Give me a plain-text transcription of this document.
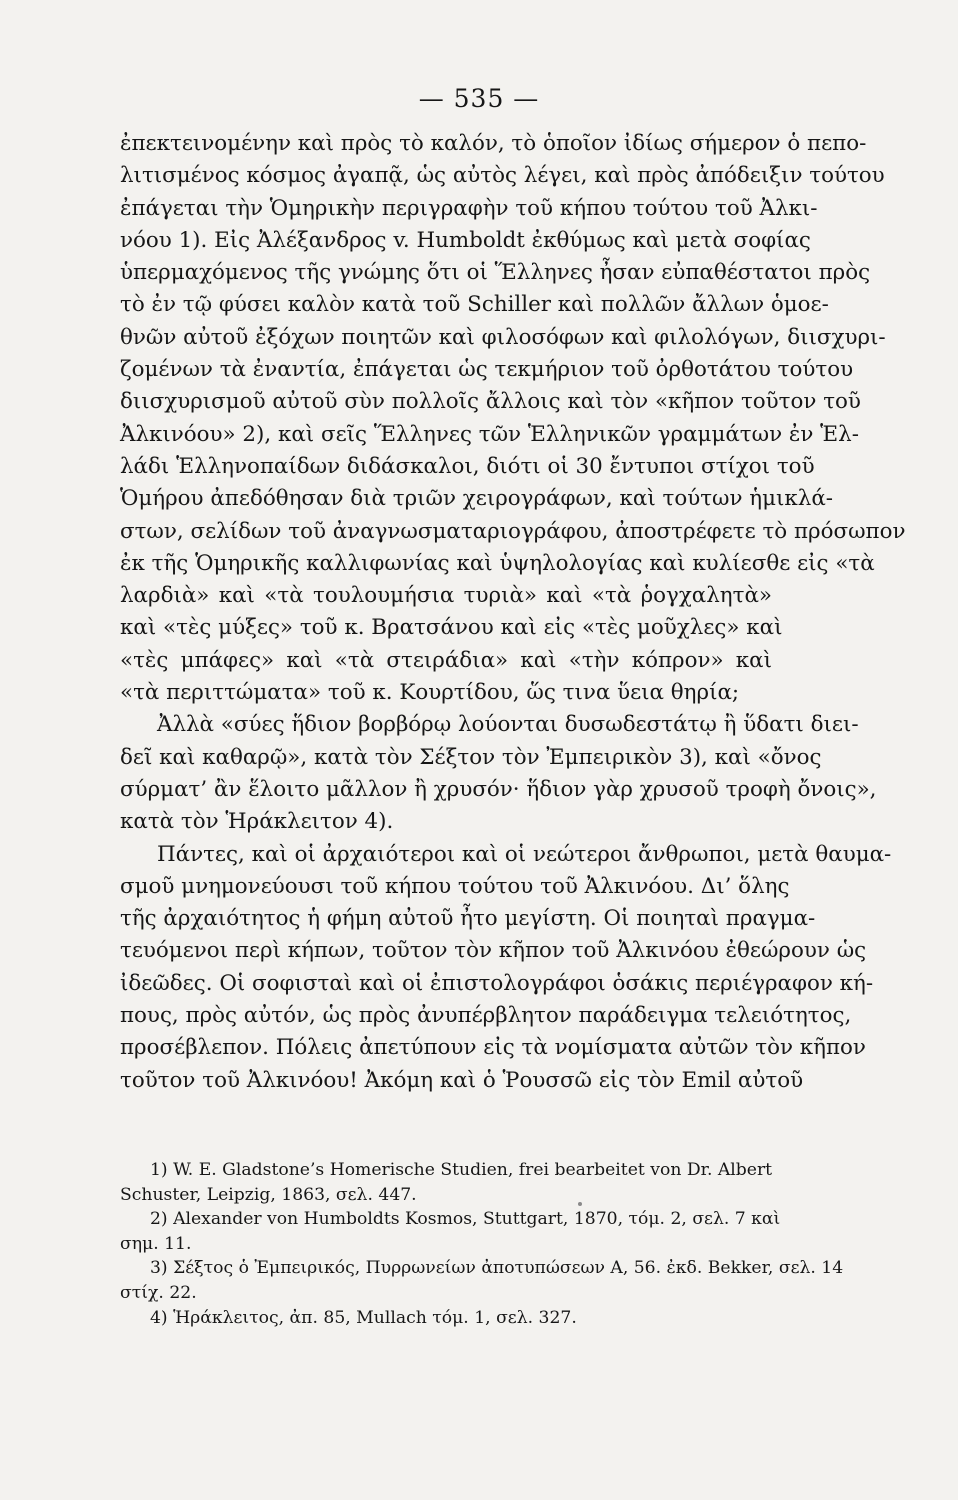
— 535 —
ἐπεκτεινομένην καὶ πρὸς τὸ καλόν, τὸ ὁποῖον ἰδίως σήμερον ὁ πεπο-
λιτισμένος κόσμος ἀγαπᾷ, ὡς αὐτὸς λέγει, καὶ πρὸς ἀπόδειξιν τούτου
ἐπάγεται τὴν Ὁμηρικὴν περιγραφὴν τοῦ κήπου τούτου τοῦ Ἀλκι-
νόου 1). Εἰς Ἀλέξανδρος v. Humboldt ἐκθύμως καὶ μετὰ σοφίας
ὑπερμαχόμενος τῆς γνώμης ὅτι οἱ Ἕλληνες ἦσαν εὐπαθέστατοι πρὸς
τὸ ἐν τῷ φύσει καλὸν κατὰ τοῦ Schiller καὶ πολλῶν ἄλλων ὁμοε-
θνῶν αὐτοῦ ἐξόχων ποιητῶν καὶ φιλοσόφων καὶ φιλολόγων, διισχυρι-
ζομένων τὰ ἐναντία, ἐπάγεται ὡς τεκμήριον τοῦ ὀρθοτάτου τούτου
διισχυρισμοῦ αὐτοῦ σὺν πολλοῖς ἄλλοις καὶ τὸν «κῆπον τοῦτον τοῦ
Ἀλκινόου» 2), καὶ σεῖς Ἕλληνες τῶν Ἑλληνικῶν γραμμάτων ἐν Ἑλ-
λάδι Ἑλληνοπαίδων διδάσκαλοι, διότι οἱ 30 ἔντυποι στίχοι τοῦ
Ὁμήρου ἀπεδόθησαν διὰ τριῶν χειρογράφων, καὶ τούτων ἡμικλά-
στων, σελίδων τοῦ ἀναγνωσματαριογράφου, ἀποστρέφετε τὸ πρόσωπον
ἐκ τῆς Ὁμηρικῆς καλλιφωνίας καὶ ὑψηλολογίας καὶ κυλίεσθε εἰς «τὰ
λαρδιὰ» καὶ «τὰ τουλουμήσια τυριὰ» καὶ «τὰ ῥογχαλητὰ»
καὶ «τὲς μύξες» τοῦ κ. Βρατσάνου καὶ εἰς «τὲς μοῦχλες» καὶ
«τὲς μπάφες» καὶ «τὰ στειράδια» καὶ «τὴν κόπρον» καὶ
«τὰ περιττώματα» τοῦ κ. Κουρτίδου, ὥς τινα ὕεια θηρία;
Ἀλλὰ «σύες ἥδιον βορβόρῳ λούονται δυσωδεστάτῳ ἢ ὕδατι διει-
δεῖ καὶ καθαρῷ», κατὰ τὸν Σέξτον τὸν Ἐμπειρικὸν 3), καὶ «ὄνος
σύρματ’ ἂν ἕλοιτο μᾶλλον ἢ χρυσόν· ἥδιον γὰρ χρυσοῦ τροφὴ ὄνοις»,
κατὰ τὸν Ἡράκλειτον 4).
Πάντες, καὶ οἱ ἀρχαιότεροι καὶ οἱ νεώτεροι ἄνθρωποι, μετὰ θαυμα-
σμοῦ μνημονεύουσι τοῦ κήπου τούτου τοῦ Ἀλκινόου. Δι’ ὅλης
τῆς ἀρχαιότητος ἡ φήμη αὐτοῦ ἦτο μεγίστη. Οἱ ποιηταὶ πραγμα-
τευόμενοι περὶ κήπων, τοῦτον τὸν κῆπον τοῦ Ἀλκινόου ἐθεώρουν ὡς
ἰδεῶδες. Οἱ σοφισταὶ καὶ οἱ ἐπιστολογράφοι ὁσάκις περιέγραφον κή-
πους, πρὸς αὐτόν, ὡς πρὸς ἀνυπέρβλητον παράδειγμα τελειότητος,
προσέβλεπον. Πόλεις ἀπετύπουν εἰς τὰ νομίσματα αὐτῶν τὸν κῆπον
τοῦτον τοῦ Ἀλκινόου! Ἀκόμη καὶ ὁ Ῥουσσῶ εἰς τὸν Emil αὐτοῦ
1) W. E. Gladstone’s Homerische Studien, frei bearbeitet von Dr. Albert
Schuster, Leipzig, 1863, σελ. 447.
2) Alexander von Humboldts Kosmos, Stuttgart, 1870, τόμ. 2, σελ. 7 καὶ
σημ. 11.
3) Σέξτος ὁ Ἐμπειρικός, Πυρρωνείων ἀποτυπώσεων Α, 56. ἐκδ. Bekker, σελ. 14
στίχ. 22.
4) Ἡράκλειτος, ἀπ. 85, Mullach τόμ. 1, σελ. 327.
